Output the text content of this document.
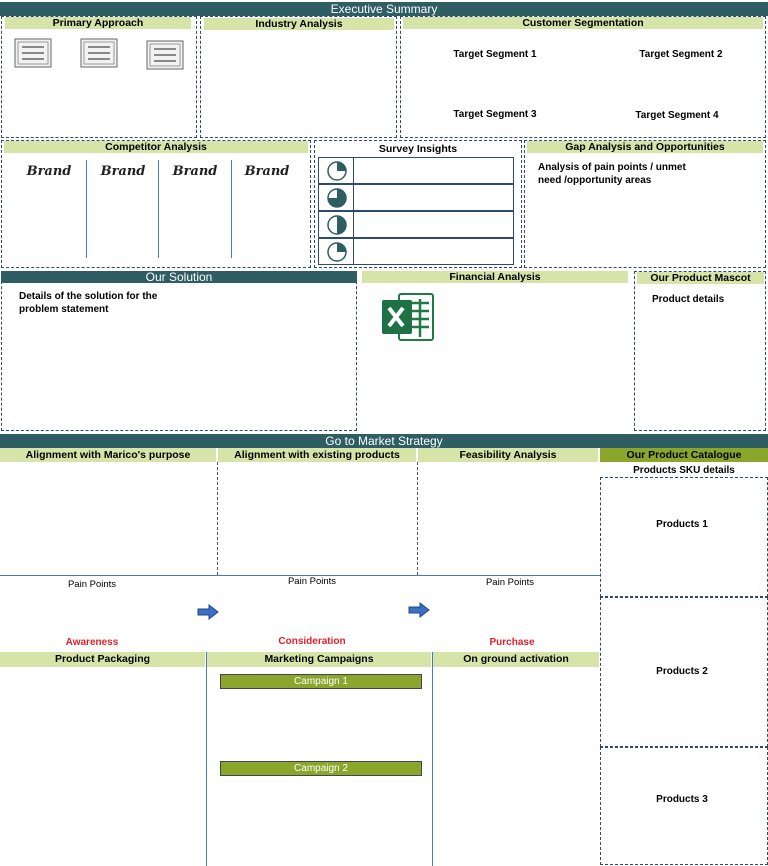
Executive Summary
Primary Approach	Industry Analysis	Customer Segmentation
Target Segment 1	Target Segment 2
Target Segment 3	Target Segment 4
Competitor Analysis
Brand	Brand	Brand	Brand
Survey Insights	Gap Analysis and Opportunities
Analysis of pain points / unmet
need /opportunity areas
Our Solution
Details of the solution for the
problem statement
Financial Analysis	Our Product Mascot
Product details
Go to Market Strategy
Alignment with Marico's purpose	Alignment with existing products	Feasibility Analysis	Our Product Catalogue
Pain Points	Pain Points	Pain Points
Awareness	Consideration	Purchase
Product Packaging	Marketing Campaigns	On ground activation
Campaign 1
Campaign 2
Products SKU details
Products 1
Products 2
Products 3
